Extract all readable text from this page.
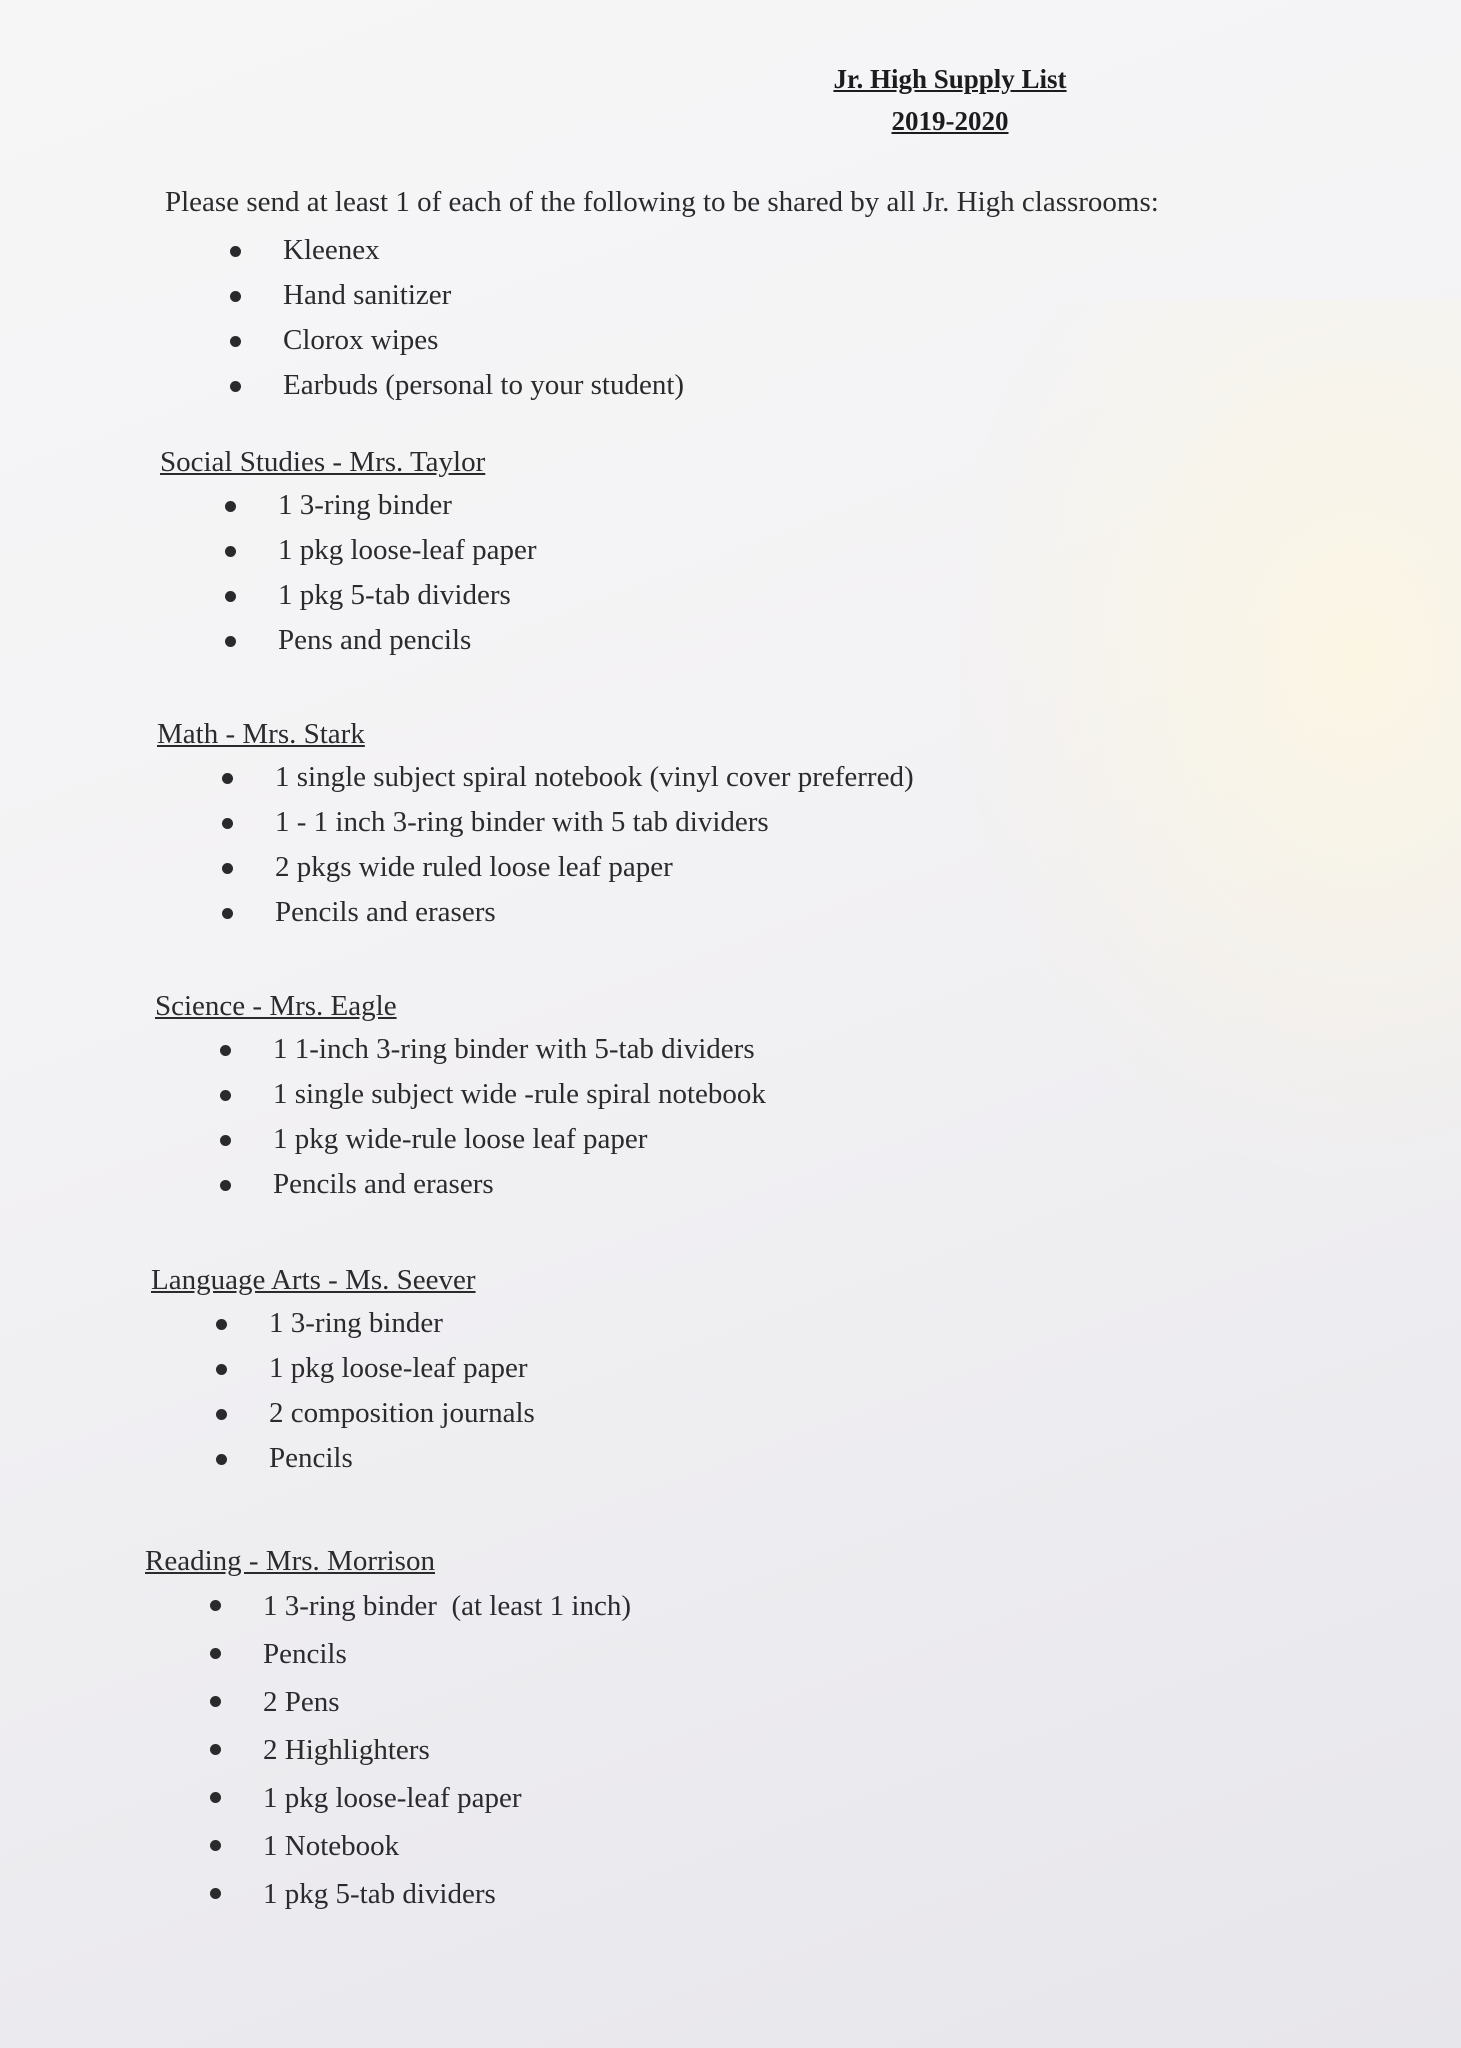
Jr. High Supply List

2019-2020

Please send at least 1 of each of the following to be shared by all Jr. High classrooms:

Kleenex
Hand sanitizer
Clorox wipes
Earbuds (personal to your student)

Social Studies - Mrs. Taylor

1 3-ring binder
1 pkg loose-leaf paper
1 pkg 5-tab dividers
Pens and pencils

Math - Mrs. Stark

1 single subject spiral notebook (vinyl cover preferred)
1 - 1 inch 3-ring binder with 5 tab dividers
2 pkgs wide ruled loose leaf paper
Pencils and erasers

Science - Mrs. Eagle

1 1-inch 3-ring binder with 5-tab dividers
1 single subject wide -rule spiral notebook
1 pkg wide-rule loose leaf paper
Pencils and erasers

Language Arts - Ms. Seever

1 3-ring binder
1 pkg loose-leaf paper
2 composition journals
Pencils

Reading - Mrs. Morrison

1 3-ring binder  (at least 1 inch)
Pencils
2 Pens
2 Highlighters
1 pkg loose-leaf paper
1 Notebook
1 pkg 5-tab dividers
